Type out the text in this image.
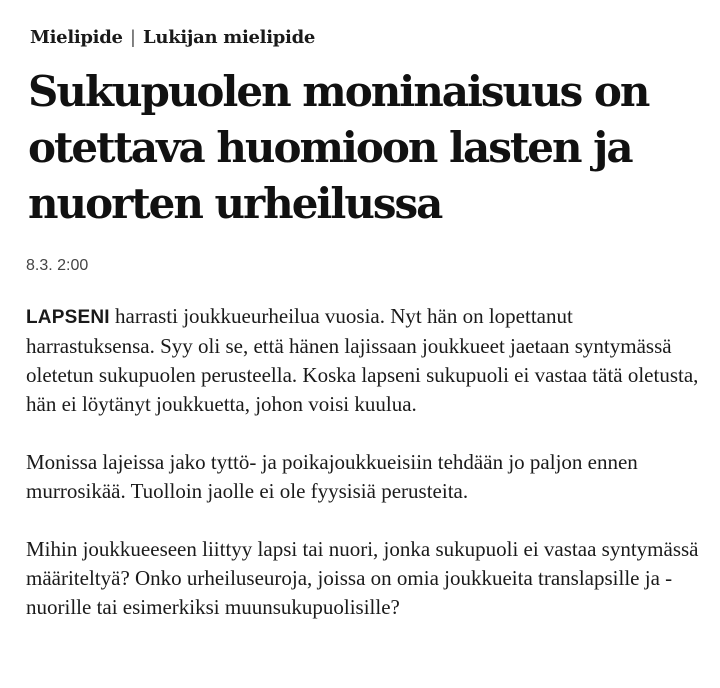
Mielipide | Lukijan mielipide
Sukupuolen moninaisuus on otettava huomioon lasten ja nuorten urheilussa
8.3. 2:00

LAPSENI harrasti joukkueurheilua vuosia. Nyt hän on lopettanut harrastuksensa. Syy oli se, että hänen lajissaan joukkueet jaetaan syntymässä oletetun sukupuolen perusteella. Koska lapseni sukupuoli ei vastaa tätä oletusta, hän ei löytänyt joukkuetta, johon voisi kuulua.

Monissa lajeissa jako tyttö- ja poikajoukkueisiin tehdään jo paljon ennen murrosikää. Tuolloin jaolle ei ole fyysisiä perusteita.

Mihin joukkueeseen liittyy lapsi tai nuori, jonka sukupuoli ei vastaa syntymässä määriteltyä? Onko urheiluseuroja, joissa on omia joukkueita translapsille ja -nuorille tai esimerkiksi muunsukupuolisille?
